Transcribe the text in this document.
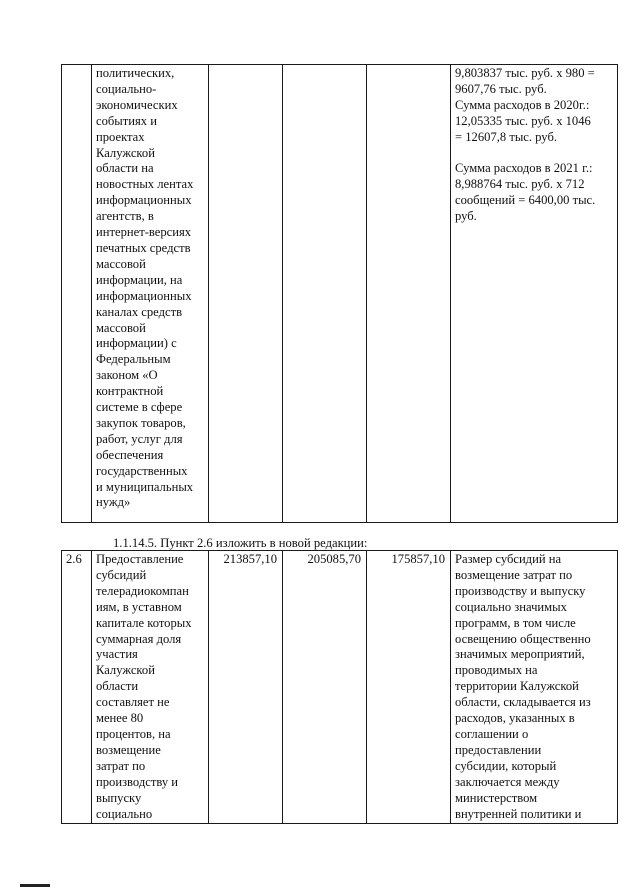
	политических,
социально-
экономических
событиях и
проектах
Калужской
области на
новостных лентах
информационных
агентств, в
интернет-версиях
печатных средств
массовой
информации, на
информационных
каналах средств
массовой
информации) с
Федеральным
законом «О
контрактной
системе в сфере
закупок товаров,
работ, услуг для
обеспечения
государственных
и муниципальных
нужд»				9,803837 тыс. руб. х 980 =
9607,76 тыс. руб.
Сумма расходов в 2020г.:
12,05335 тыс. руб. х 1046
= 12607,8 тыс. руб.

Сумма расходов в 2021 г.:
8,988764 тыс. руб. х 712
сообщений = 6400,00 тыс.
руб.
1.1.14.5. Пункт 2.6 изложить в новой редакции:
2.6	Предоставление
субсидий
телерадиокомпан
иям, в уставном
капитале которых
суммарная доля
участия
Калужской
области
составляет не
менее 80
процентов, на
возмещение
затрат по
производству и
выпуску
социально	213857,10	205085,70	175857,10	Размер субсидий на
возмещение затрат по
производству и выпуску
социально значимых
программ, в том числе
освещению общественно
значимых мероприятий,
проводимых на
территории Калужской
области, складывается из
расходов, указанных в
соглашении о
предоставлении
субсидии, который
заключается между
министерством
внутренней политики и
